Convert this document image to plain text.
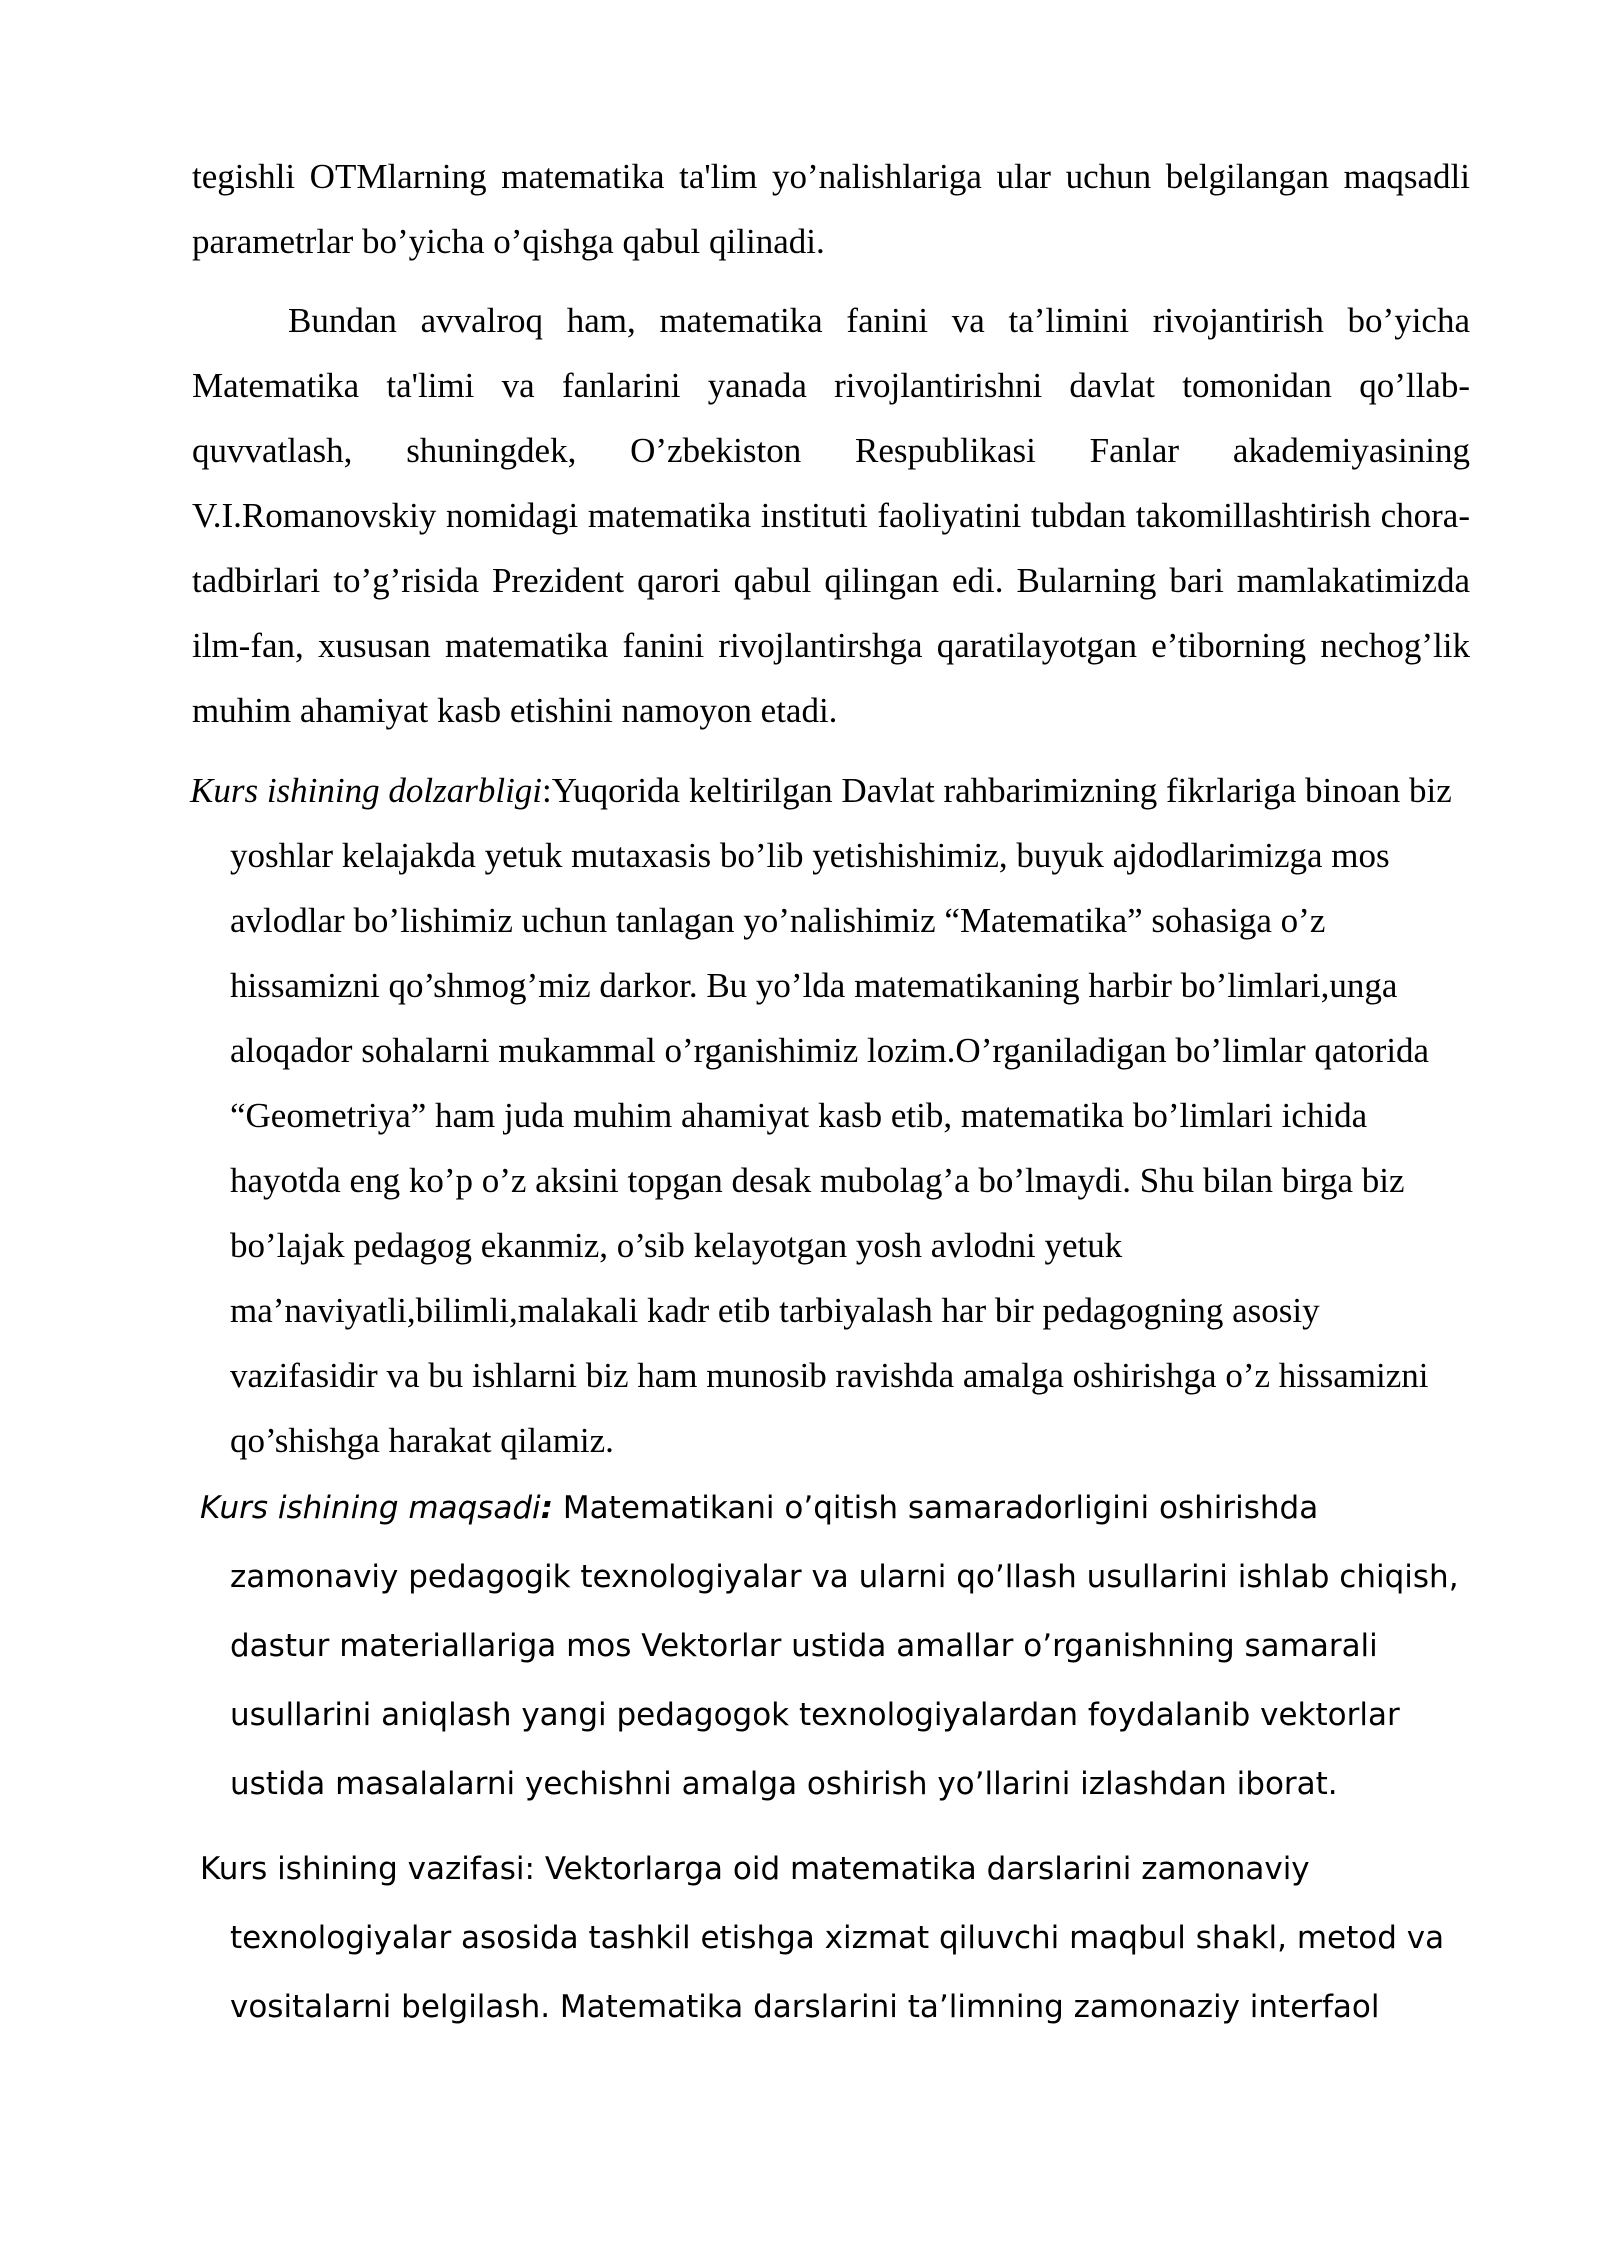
tegishli OTMlarning matematika ta'lim yo’nalishlariga ular uchun belgilangan maqsadli parametrlar bo’yicha o’qishga qabul qilinadi.

Bundan avvalroq ham, matematika fanini va ta’limini rivojantirish bo’yicha Matematika ta'limi va fanlarini yanada rivojlantirishni davlat tomonidan qo’llab-quvvatlash, shuningdek, O’zbekiston Respublikasi Fanlar akademiyasining V.I.Romanovskiy nomidagi matematika instituti faoliyatini tubdan takomillashtirish chora-tadbirlari to’g’risida Prezident qarori qabul qilingan edi. Bularning bari mamlakatimizda ilm-fan, xususan matematika fanini rivojlantirshga qaratilayotgan e’tiborning nechog’lik muhim ahamiyat kasb etishini namoyon etadi.

Kurs ishining dolzarbligi:Yuqorida keltirilgan Davlat rahbarimizning fikrlariga binoan biz yoshlar kelajakda yetuk mutaxasis bo’lib yetishishimiz, buyuk ajdodlarimizga mos avlodlar bo’lishimiz uchun tanlagan yo’nalishimiz “Matematika” sohasiga o’z hissamizni qo’shmog’miz darkor. Bu yo’lda matematikaning harbir bo’limlari,unga aloqador sohalarni mukammal o’rganishimiz lozim.O’rganiladigan bo’limlar qatorida “Geometriya” ham juda muhim ahamiyat kasb etib, matematika bo’limlari ichida hayotda eng ko’p o’z aksini topgan desak mubolag’a bo’lmaydi. Shu bilan birga biz bo’lajak pedagog ekanmiz, o’sib kelayotgan yosh avlodni yetuk ma’naviyatli,bilimli,malakali kadr etib tarbiyalash har bir pedagogning asosiy vazifasidir va bu ishlarni biz ham munosib ravishda amalga oshirishga o’z hissamizni qo’shishga harakat qilamiz.

Kurs ishining maqsadi: Matematikani o’qitish samaradorligini oshirishda zamonaviy pedagogik texnologiyalar va ularni qo’llash usullarini ishlab chiqish, dastur materiallariga mos Vektorlar ustida amallar o’rganishning samarali usullarini aniqlash yangi pedagogok texnologiyalardan foydalanib vektorlar ustida masalalarni yechishni amalga oshirish yo’llarini izlashdan iborat.

Kurs ishining vazifasi: Vektorlarga oid matematika darslarini zamonaviy texnologiyalar asosida tashkil etishga xizmat qiluvchi maqbul shakl, metod va vositalarni belgilash. Matematika darslarini ta’limning zamonaziy interfaol
